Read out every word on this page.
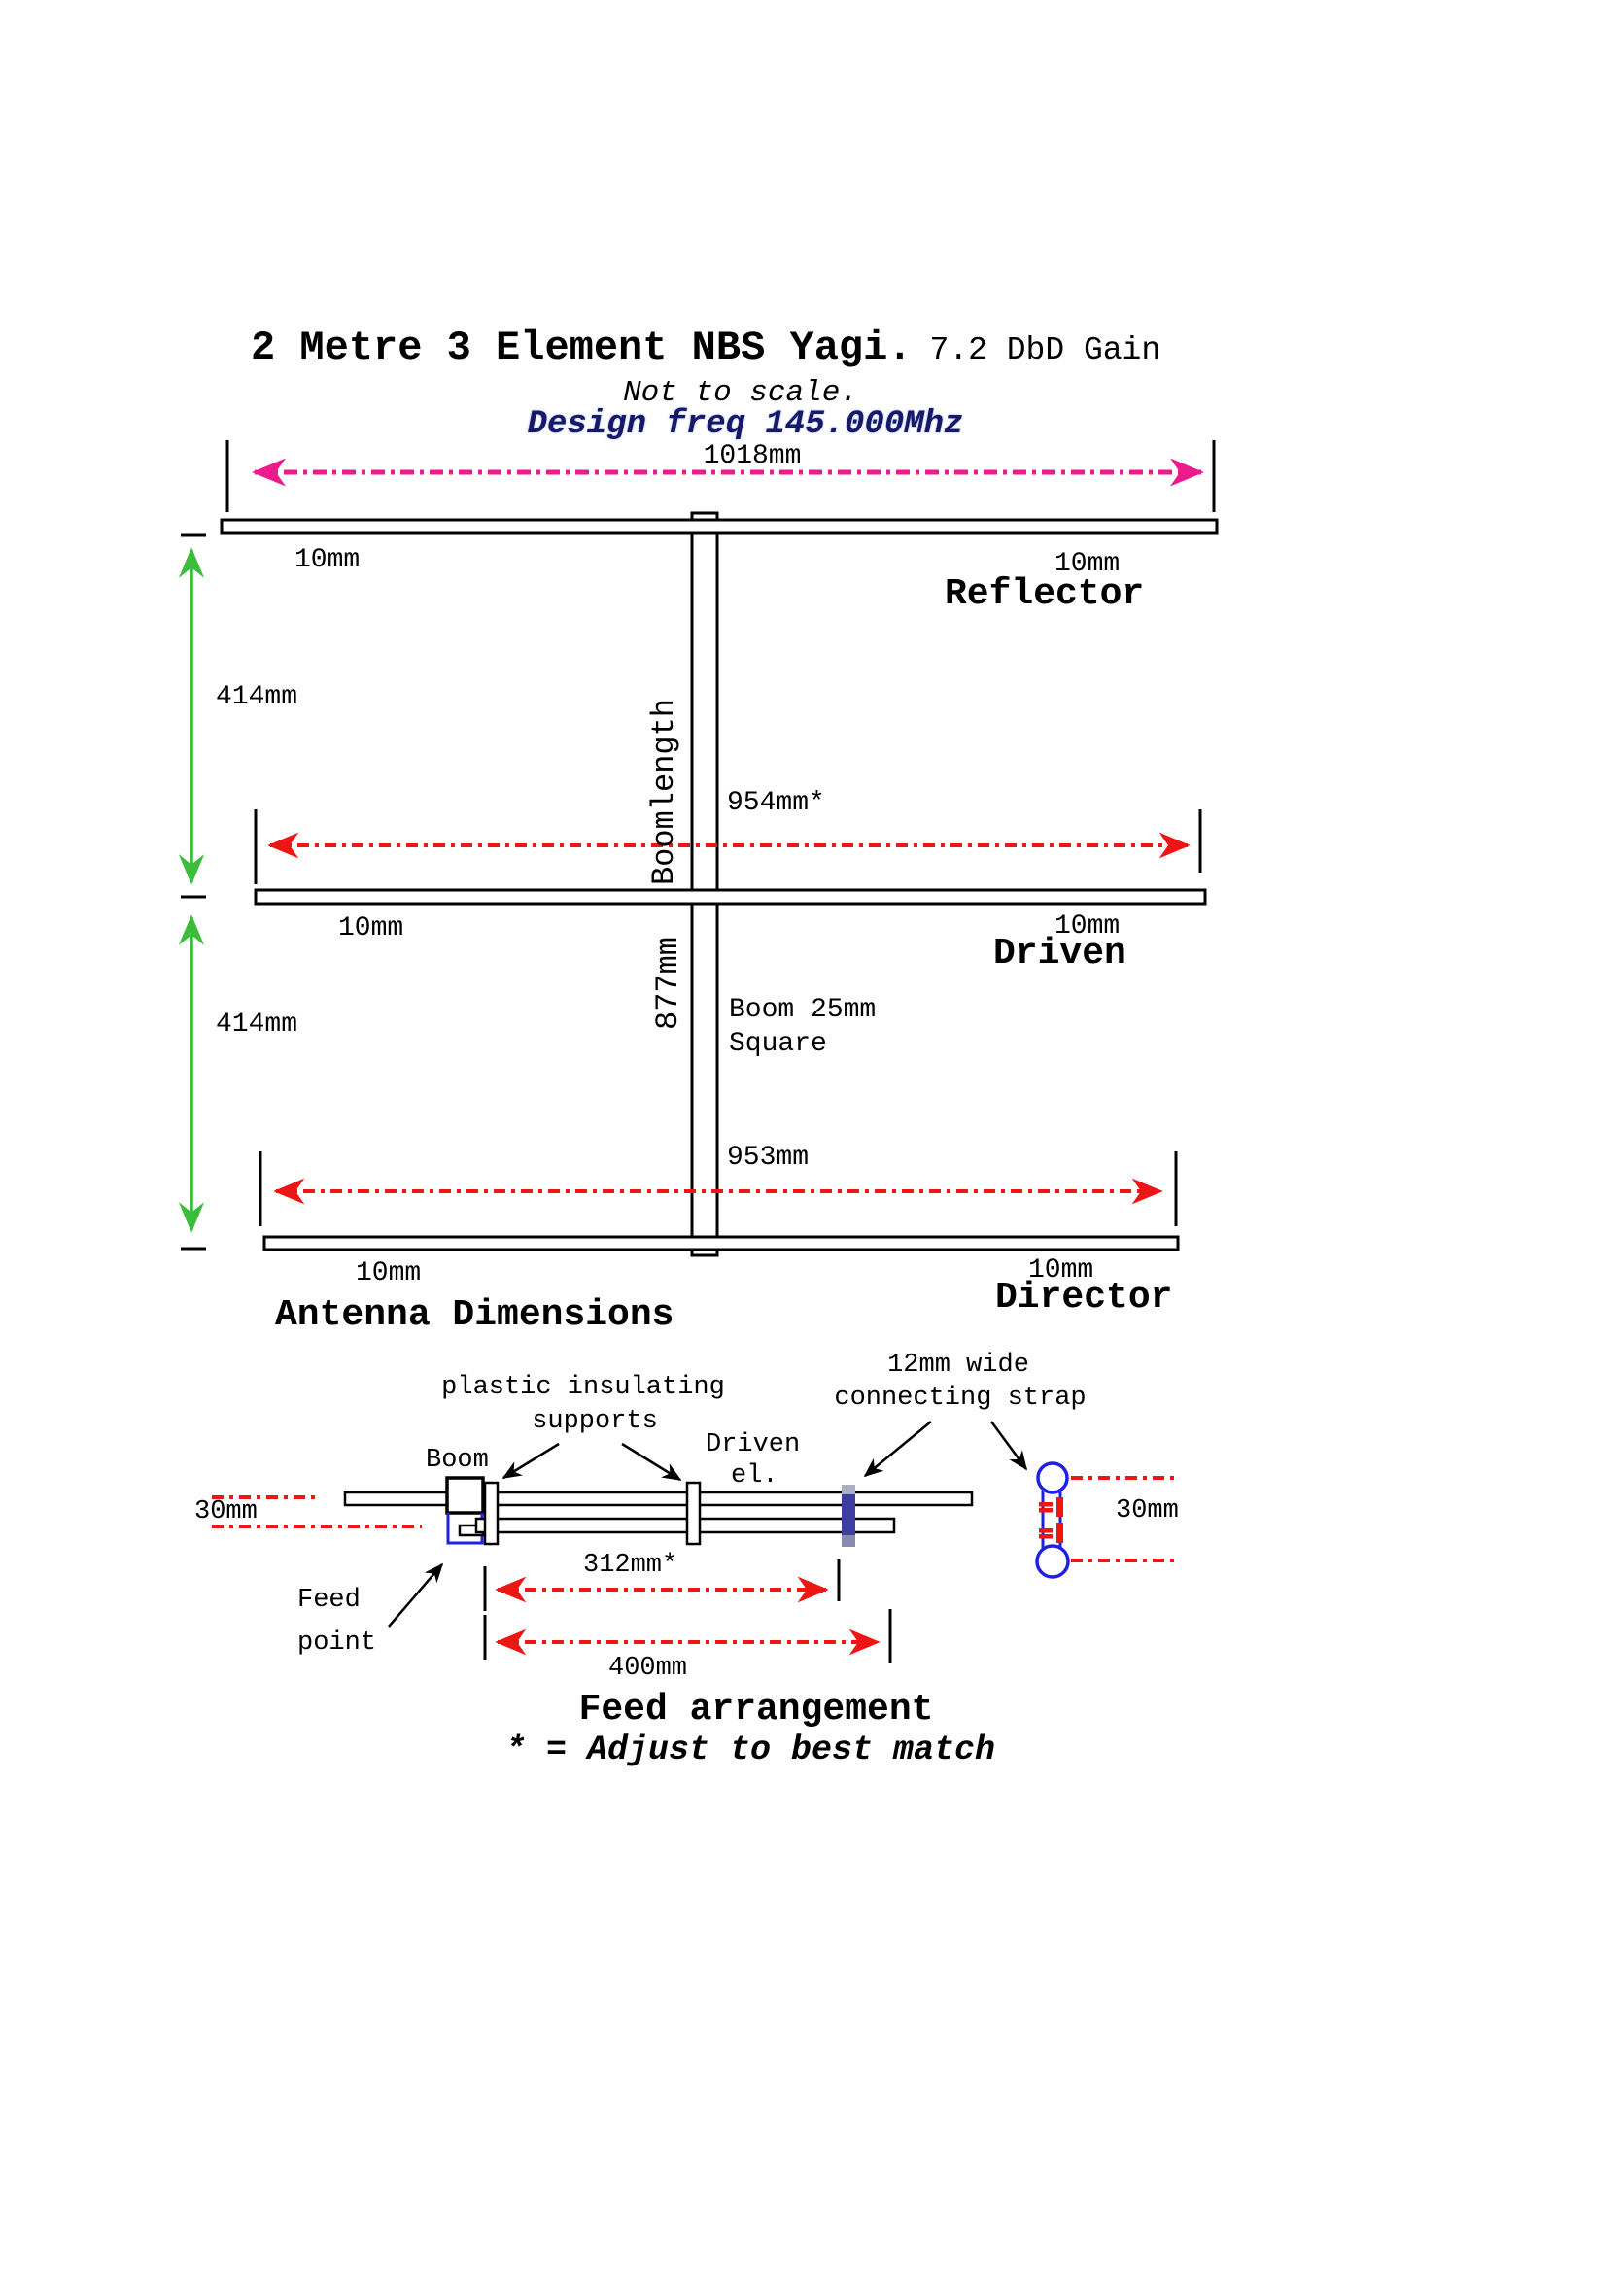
2 Metre 3 Element NBS Yagi. 7.2 DbD Gain
Not to scale.
Design freq 145.000Mhz
1018mm
10mm	10mm
Reflector
414mm
954mm*
10mm	10mm
Driven
Boomlength
877mm Boom 25mm
Square
414mm
953mm
10mm	10mm
Director
Antenna Dimensions
plastic insulating
supports
12mm wide
connecting strap
Boom
Driven
el.
30mm	30mm
312mm*
400mm
Feed
point
Feed arrangement
* = Adjust to best match
